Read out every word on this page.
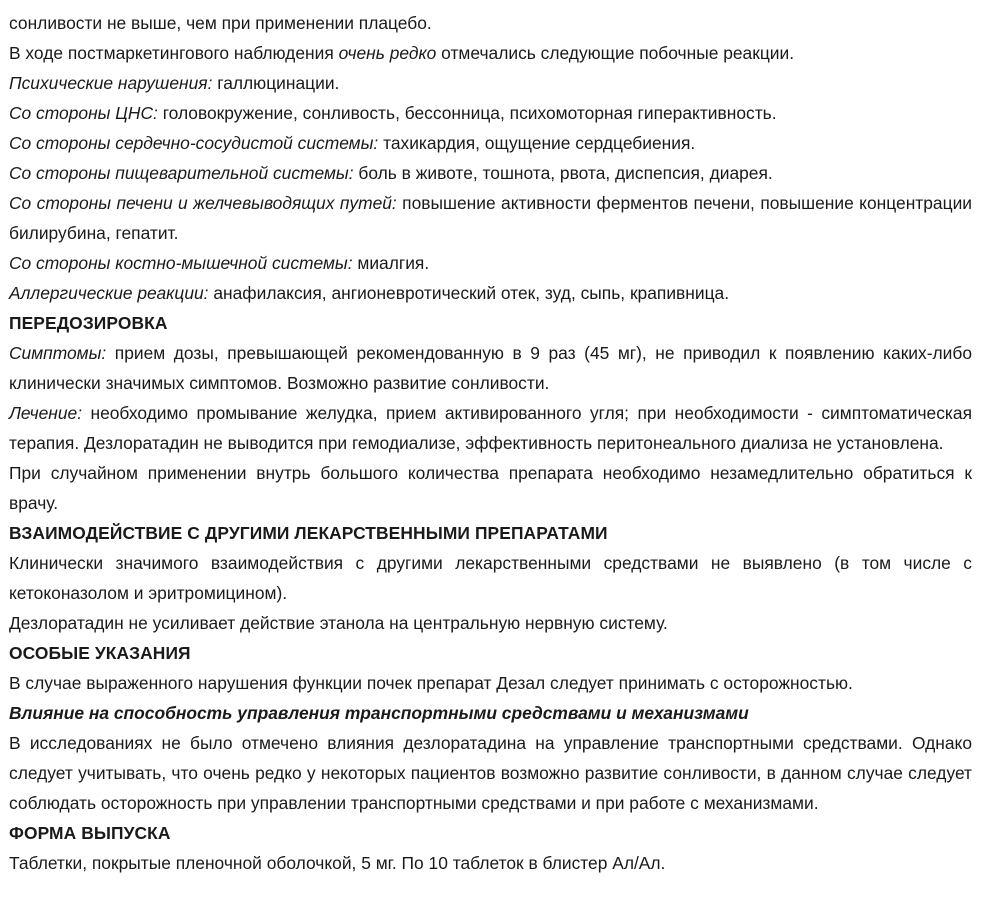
сонливости не выше, чем при применении плацебо.

В ходе постмаркетингового наблюдения очень редко отмечались следующие побочные реакции.

Психические нарушения: галлюцинации.

Со стороны ЦНС: головокружение, сонливость, бессонница, психомоторная гиперактивность.

Со стороны сердечно-сосудистой системы: тахикардия, ощущение сердцебиения.

Со стороны пищеварительной системы: боль в животе, тошнота, рвота, диспепсия, диарея.

Со стороны печени и желчевыводящих путей: повышение активности ферментов печени, повышение концентрации билирубина, гепатит.

Со стороны костно-мышечной системы: миалгия.

Аллергические реакции: анафилаксия, ангионевротический отек, зуд, сыпь, крапивница.

ПЕРЕДОЗИРОВКА

Симптомы: прием дозы, превышающей рекомендованную в 9 раз (45 мг), не приводил к появлению каких-либо клинически значимых симптомов. Возможно развитие сонливости.

Лечение: необходимо промывание желудка, прием активированного угля; при необходимости - симптоматическая терапия. Дезлоратадин не выводится при гемодиализе, эффективность перитонеального диализа не установлена.

При случайном применении внутрь большого количества препарата необходимо незамедлительно обратиться к врачу.

ВЗАИМОДЕЙСТВИЕ С ДРУГИМИ ЛЕКАРСТВЕННЫМИ ПРЕПАРАТАМИ

Клинически значимого взаимодействия с другими лекарственными средствами не выявлено (в том числе с кетоконазолом и эритромицином).

Дезлоратадин не усиливает действие этанола на центральную нервную систему.

ОСОБЫЕ УКАЗАНИЯ

В случае выраженного нарушения функции почек препарат Дезал следует принимать с осторожностью.

Влияние на способность управления транспортными средствами и механизмами

В исследованиях не было отмечено влияния дезлоратадина на управление транспортными средствами. Однако следует учитывать, что очень редко у некоторых пациентов возможно развитие сонливости, в данном случае следует соблюдать осторожность при управлении транспортными средствами и при работе с механизмами.

ФОРМА ВЫПУСКА

Таблетки, покрытые пленочной оболочкой, 5 мг. По 10 таблеток в блистер Ал/Ал.
